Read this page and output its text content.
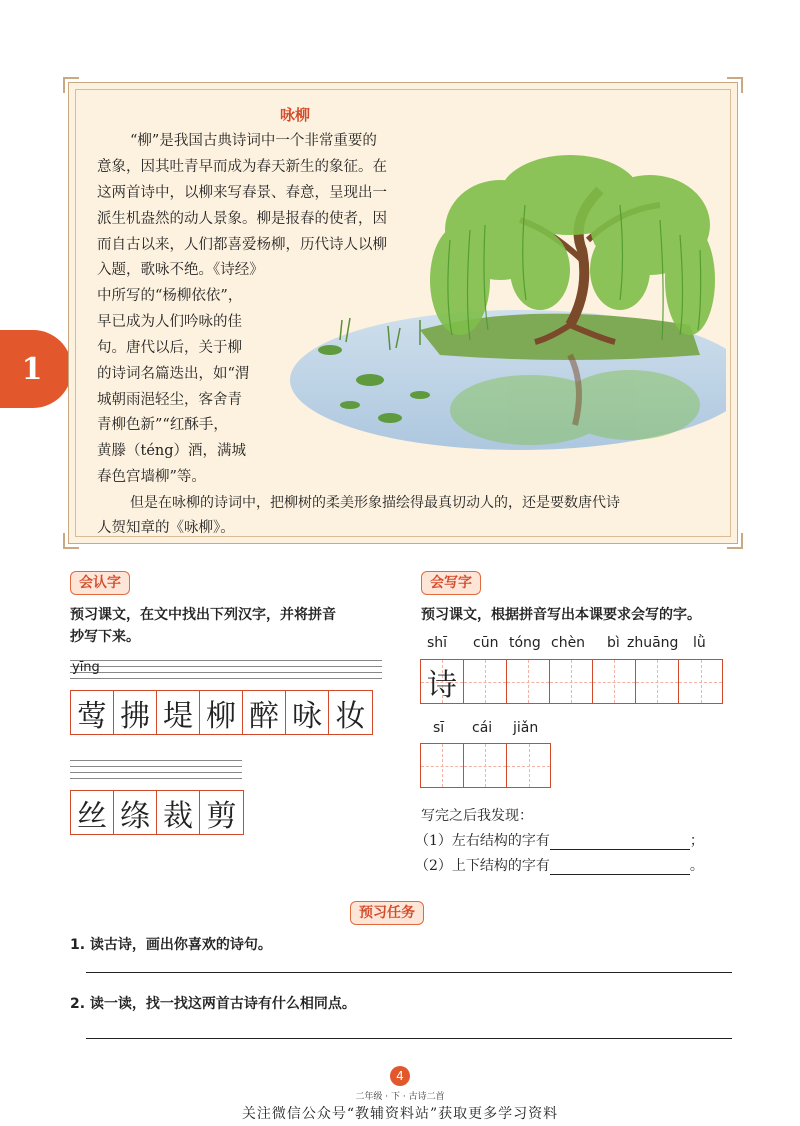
1
咏柳
“柳”是我国古典诗词中一个非常重要的
意象，因其吐青早而成为春天新生的象征。在
这两首诗中，以柳来写春景、春意，呈现出一
派生机盎然的动人景象。柳是报春的使者，因
而自古以来，人们都喜爱杨柳，历代诗人以柳
入题，歌咏不绝。《诗经》
中所写的“杨柳依依”，
早已成为人们吟咏的佳
句。唐代以后，关于柳
的诗词名篇迭出，如“渭
城朝雨浥轻尘，客舍青
青柳色新”“红酥手，
黄滕（téng）酒，满城
春色宫墙柳”等。
但是在咏柳的诗词中，把柳树的柔美形象描绘得最真切动人的，还是要数唐代诗
人贺知章的《咏柳》。
会认字
预习课文，在文中找出下列汉字，并将拼音
抄写下来。
yīng
莺 拂 堤 柳 醉 咏 妆
丝 绦 裁 剪
会写字
预习课文，根据拼音写出本课要求会写的字。
shī cūn tóng chèn bì zhuāng lǜ
诗
sī cái jiǎn
写完之后我发现：
（1）左右结构的字有	；
（2）上下结构的字有	。
预习任务
1. 读古诗，画出你喜欢的诗句。
2. 读一读，找一找这两首古诗有什么相同点。
4
二年级 · 下 · 古诗二首
关注微信公众号“教辅资料站”获取更多学习资料
